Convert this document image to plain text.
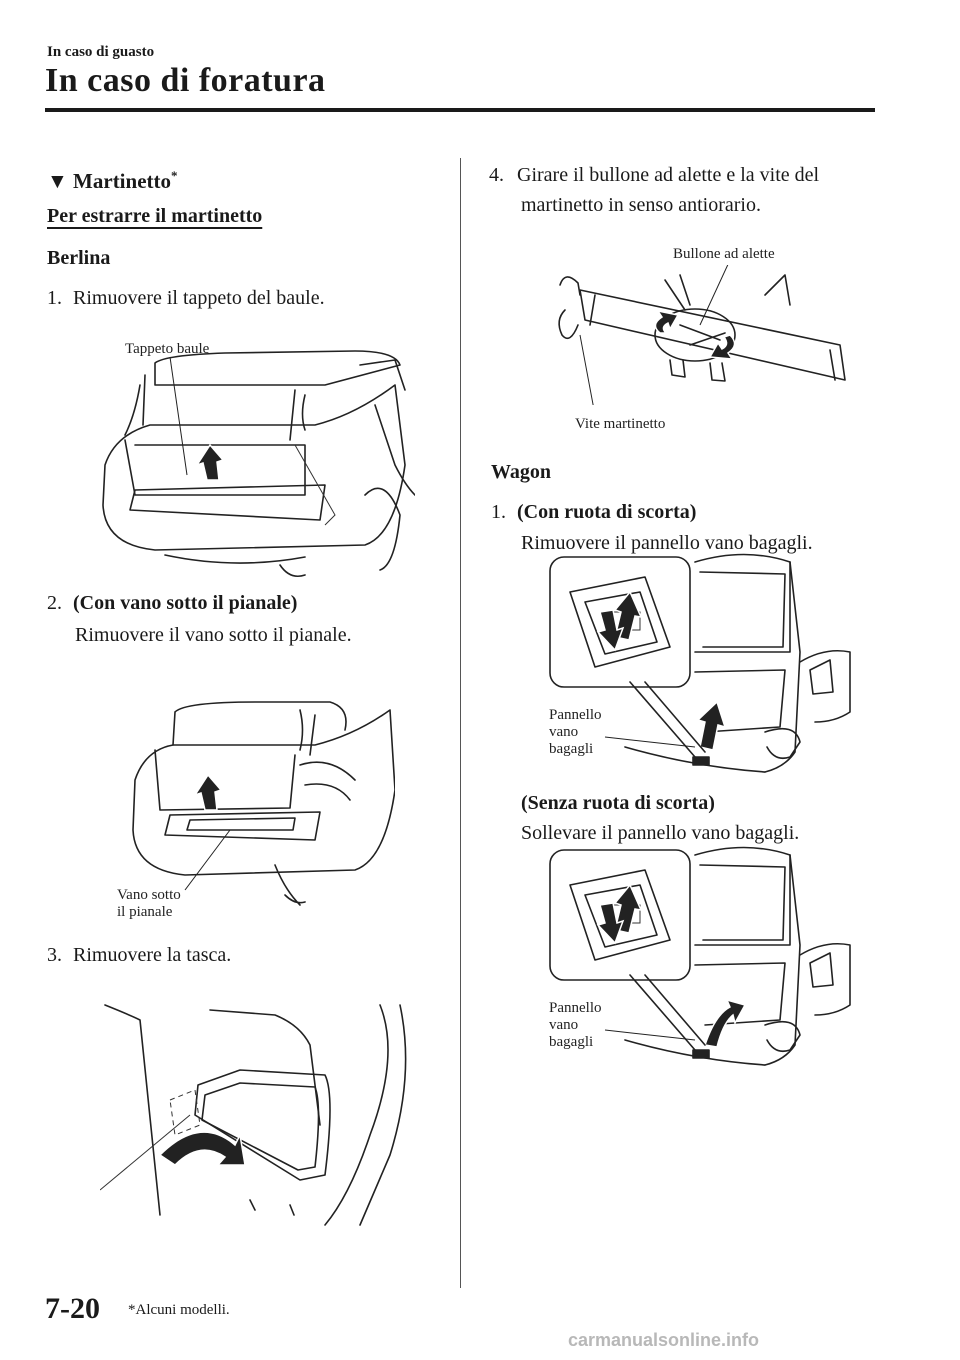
In caso di guasto
In caso di foratura
▼ Martinetto*
Per estrarre il martinetto
Berlina
1. Rimuovere il tappeto del baule.
Tappeto baule
2. (Con vano sotto il pianale)
Rimuovere il vano sotto il pianale.
Vano sotto
il pianale
3. Rimuovere la tasca.
4. Girare il bullone ad alette e la vite del
martinetto in senso antiorario.
Bullone ad alette
Vite martinetto
Wagon
1. (Con ruota di scorta)
Rimuovere il pannello vano bagagli.
Pannello
vano
bagagli
(Senza ruota di scorta)
Sollevare il pannello vano bagagli.
Pannello
vano
bagagli
7-20 *Alcuni modelli.
carmanualsonline.info
